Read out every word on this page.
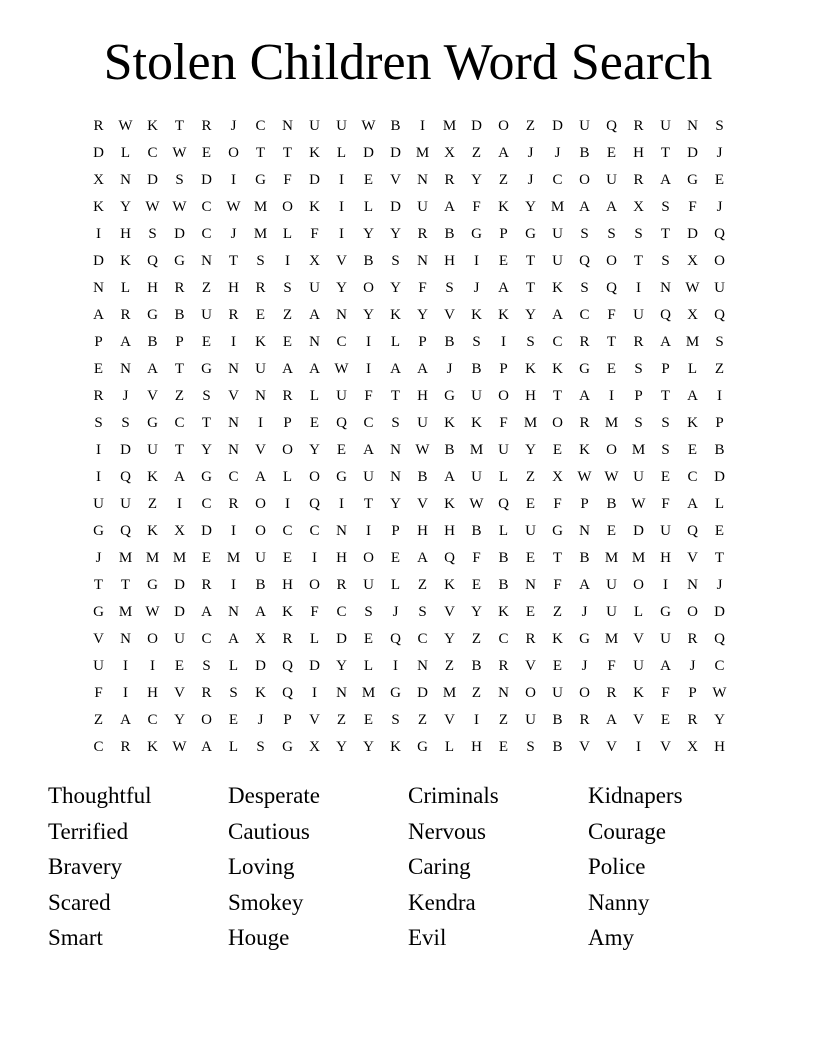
Stolen Children Word Search
R W K	T	R	J	C	N	U	U W B	I	M D	O	Z	D	U	Q	R	U	N	S
D	L	C W	E	O	T	T	K	L	D	D M X	Z	A	J	J	B	E	H	T	D	J
X	N	D	S	D	I	G	F	D	I	E	V	N	R	Y	Z	J	C	O	U	R	A	G	E
K	Y W W C W M O	K	I	L	D	U	A	F	K	Y M A	A	X	S	F	J
I	H	S	D	C	J	M	L	F	I	Y	Y	R	B	G	P	G	U	S	S	S	T	D	Q
D	K	Q	G	N	T	S	I	X	V	B	S	N	H	I	E	T	U	Q	O	T	S	X	O
N	L	H	R	Z	H	R	S	U	Y	O	Y	F	S	J	A	T	K	S	Q	I	N W U
A	R	G	B	U	R	E	Z	A	N	Y	K	Y	V	K	K	Y	A	C	F	U	Q	X	Q
P	A	B	P	E	I	K	E	N	C	I	L	P	B	S	I	S	C	R	T	R	A M	S
E	N	A	T	G	N	U	A	A W	I	A	A	J	B	P	K	K	G	E	S	P	L	Z
R	J	V	Z	S	V	N	R	L	U	F	T	H	G	U	O	H	T	A	I	P	T	A	I
S	S	G	C	T	N	I	P	E	Q	C	S	U	K	K	F	M O	R	M	S	S	K	P
I	D	U	T	Y	N	V	O	Y	E	A	N W B	M U	Y	E	K	O M	S	E	B
I	Q	K	A	G	C	A	L	O	G	U	N	B	A	U	L	Z	X W W U	E	C	D
U	U	Z	I	C	R	O	I	Q	I	T	Y	V	K W Q	E	F	P	B W	F	A	L
G	Q	K	X	D	I	O	C	C	N	I	P	H	H	B	L	U	G	N	E	D	U	Q	E
J	M M M	E	M U	E	I	H	O	E	A	Q	F	B	E	T	B	M M H	V	T
T	T	G	D	R	I	B	H	O	R	U	L	Z	K	E	B	N	F	A	U	O	I	N	J
G M W D	A	N	A	K	F	C	S	J	S	V	Y	K	E	Z	J	U	L	G	O	D
V	N	O	U	C	A	X	R	L	D	E	Q	C	Y	Z	C	R	K	G M V	U	R	Q
U	I	I	E	S	L	D	Q	D	Y	L	I	N	Z	B	R	V	E	J	F	U	A	J	C
F	I	H	V	R	S	K	Q	I	N M G	D M	Z	N	O	U	O	R	K	F	P	W
Z	A	C	Y	O	E	J	P	V	Z	E	S	Z	V	I	Z	U	B	R	A	V	E	R	Y
C	R	K W A	L	S	G	X	Y	Y	K	G	L	H	E	S	B	V	V	I	V	X	H
Thoughtful	Desperate	Criminals	Kidnapers
Terrified	Cautious	Nervous	Courage
Bravery	Loving	Caring	Police
Scared	Smokey	Kendra	Nanny
Smart	Houge	Evil	Amy
